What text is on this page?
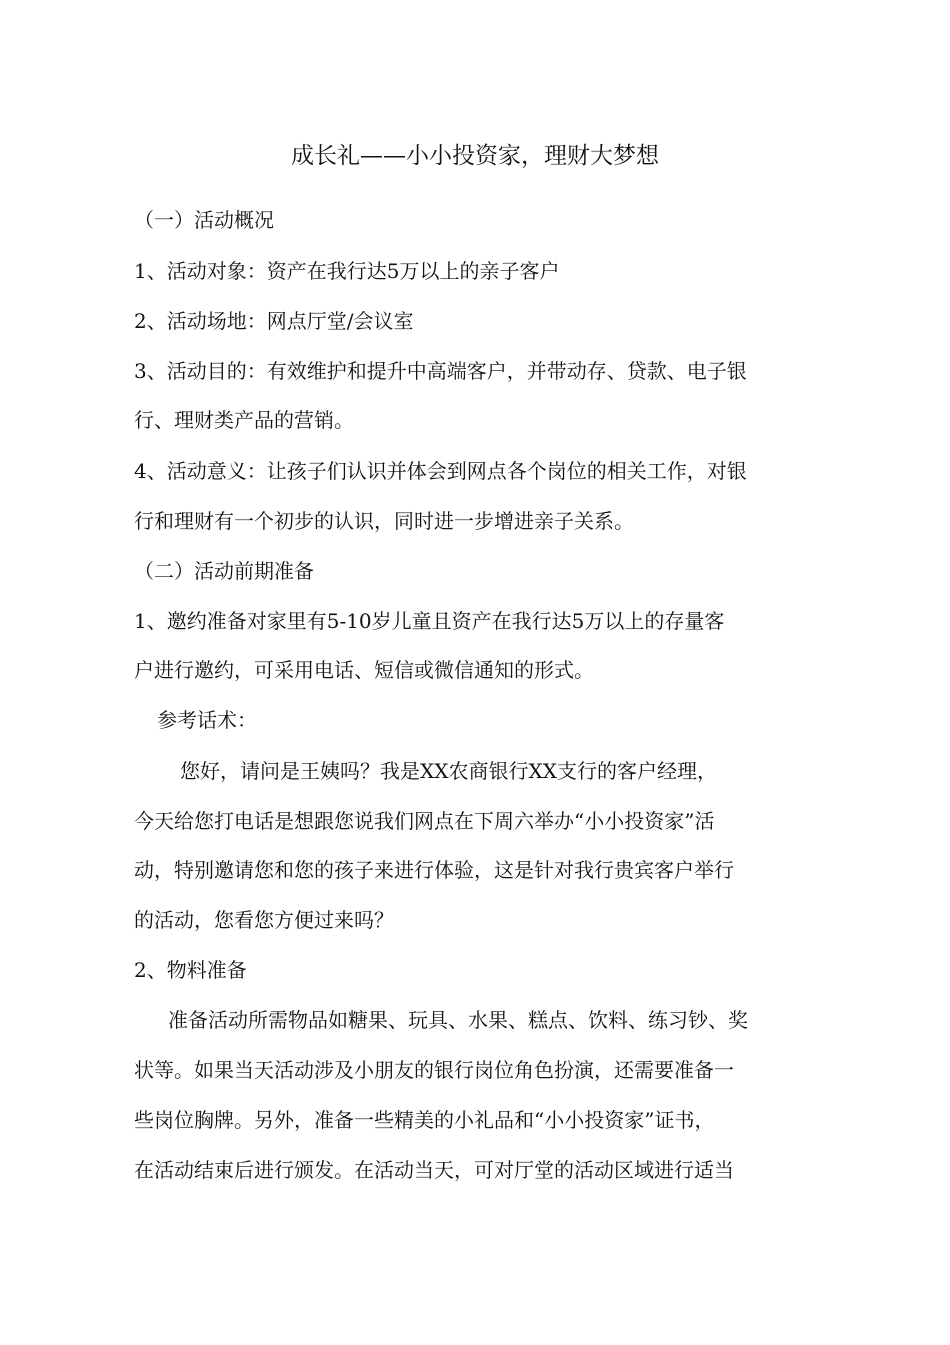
成长礼——小小投资家，理财大梦想

（一）活动概况

1、活动对象：资产在我行达5万以上的亲子客户

2、活动场地：网点厅堂/会议室

3、活动目的：有效维护和提升中高端客户，并带动存、贷款、电子银

行、理财类产品的营销。

4、活动意义：让孩子们认识并体会到网点各个岗位的相关工作，对银

行和理财有一个初步的认识，同时进一步增进亲子关系。

（二）活动前期准备

1、邀约准备对家里有5-10岁儿童且资产在我行达5万以上的存量客

户进行邀约，可采用电话、短信或微信通知的形式。

参考话术：

您好，请问是王姨吗？我是XX农商银行XX支行的客户经理，

今天给您打电话是想跟您说我们网点在下周六举办“小小投资家”活

动，特别邀请您和您的孩子来进行体验，这是针对我行贵宾客户举行

的活动，您看您方便过来吗？

2、物料准备

准备活动所需物品如糖果、玩具、水果、糕点、饮料、练习钞、奖

状等。如果当天活动涉及小朋友的银行岗位角色扮演，还需要准备一

些岗位胸牌。另外，准备一些精美的小礼品和“小小投资家”证书，

在活动结束后进行颁发。在活动当天，可对厅堂的活动区域进行适当
